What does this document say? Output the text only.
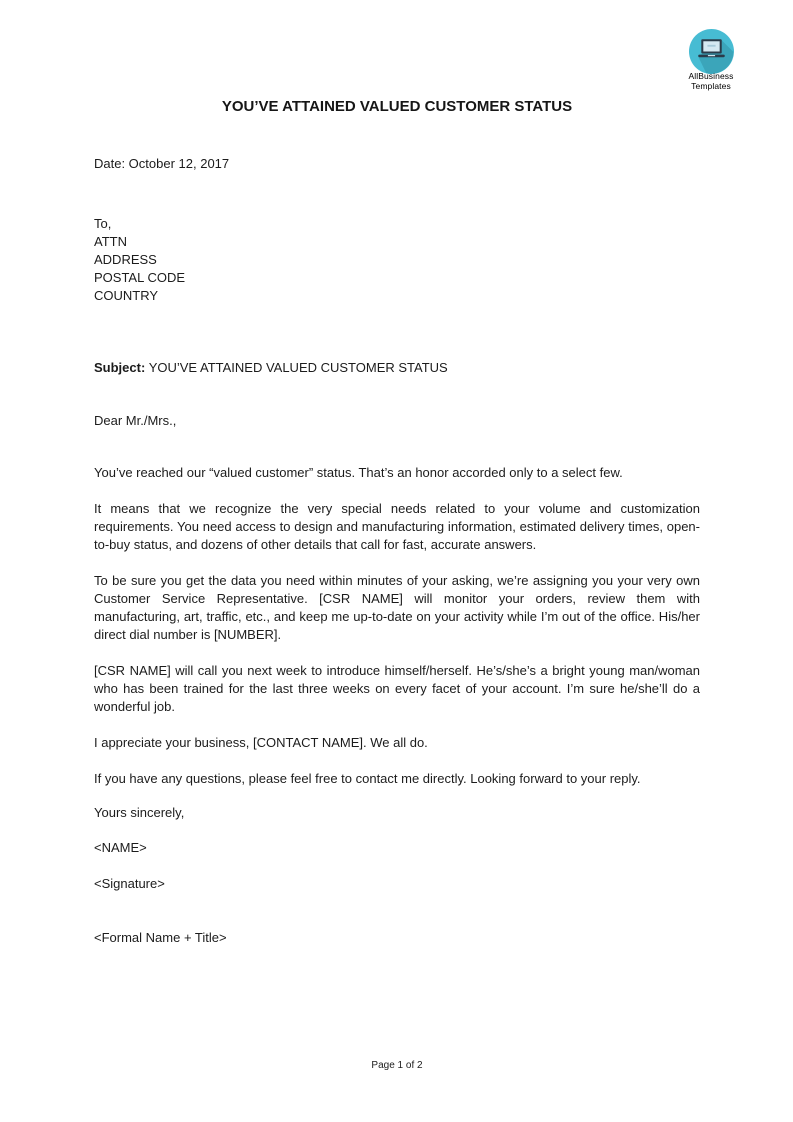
AllBusiness
Templates
YOU’VE ATTAINED VALUED CUSTOMER STATUS

Date: October 12, 2017

To,
ATTN
ADDRESS
POSTAL CODE
COUNTRY

Subject: YOU’VE ATTAINED VALUED CUSTOMER STATUS

Dear Mr./Mrs.,

You’ve reached our “valued customer” status. That’s an honor accorded only to a select few.

It means that we recognize the very special needs related to your volume and customization requirements. You need access to design and manufacturing information, estimated delivery times, open-to-buy status, and dozens of other details that call for fast, accurate answers.

To be sure you get the data you need within minutes of your asking, we’re assigning you your very own Customer Service Representative. [CSR NAME] will monitor your orders, review them with manufacturing, art, traffic, etc., and keep me up-to-date on your activity while I’m out of the office. His/her direct dial number is [NUMBER].

[CSR NAME] will call you next week to introduce himself/herself. He’s/she’s a bright young man/woman who has been trained for the last three weeks on every facet of your account. I’m sure he/she’ll do a wonderful job.

I appreciate your business, [CONTACT NAME]. We all do.

If you have any questions, please feel free to contact me directly. Looking forward to your reply.

Yours sincerely,

<NAME>

<Signature>

<Formal Name + Title>

Page 1 of 2
